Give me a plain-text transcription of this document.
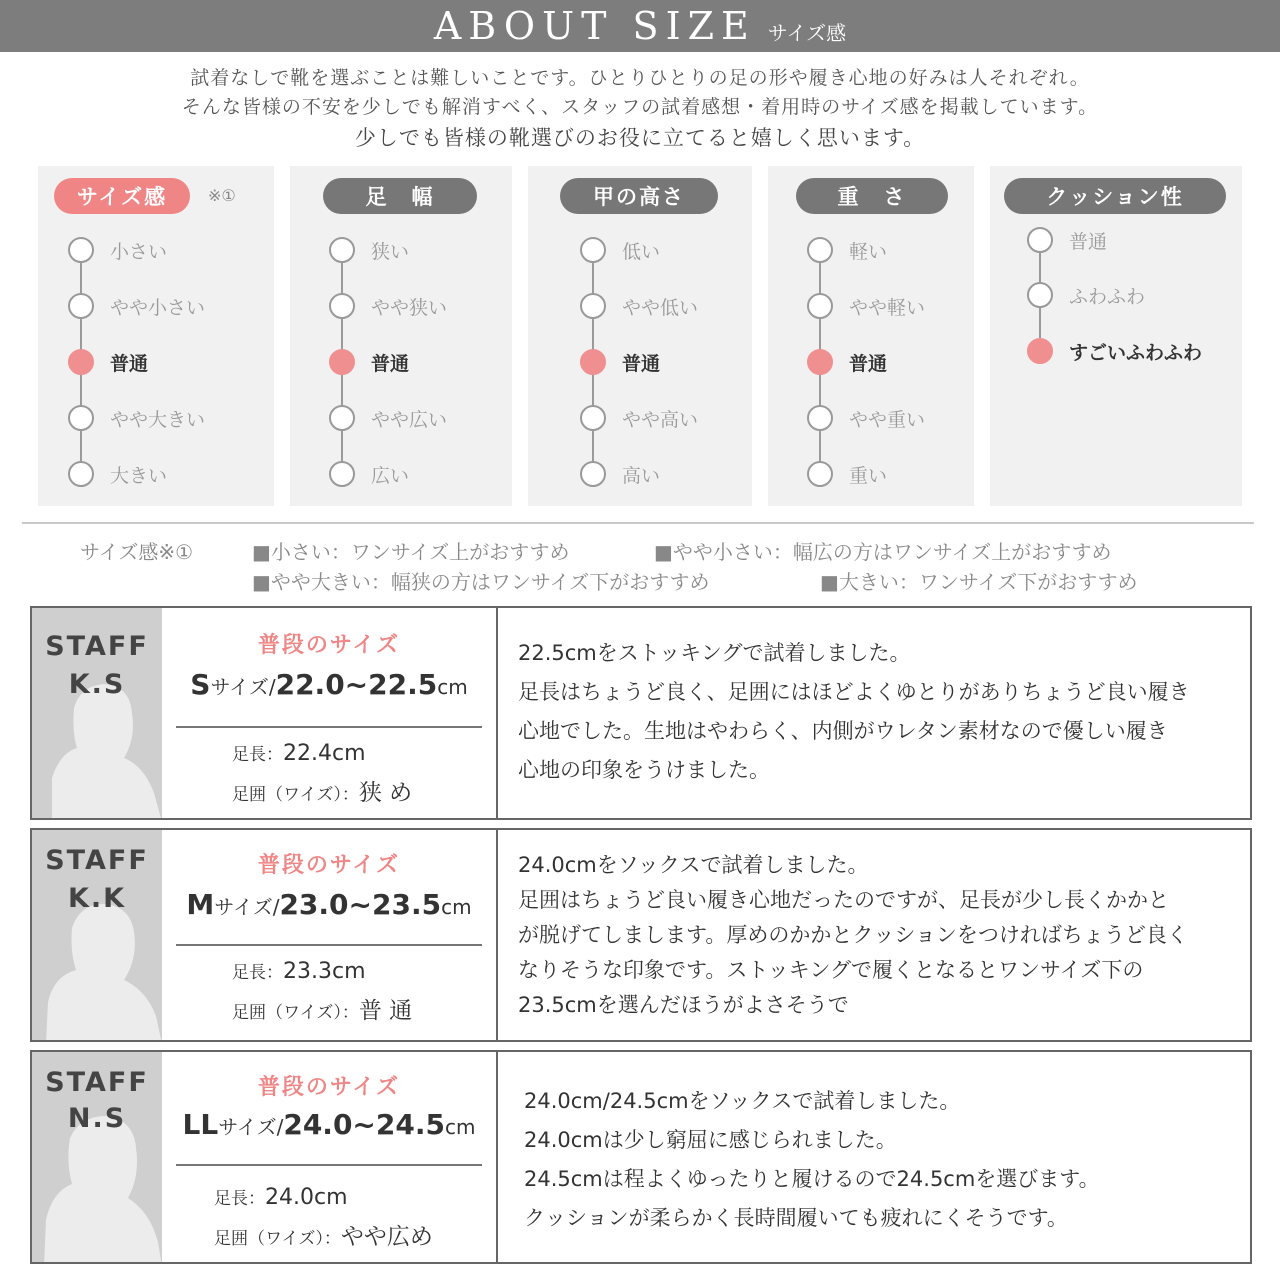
ABOUT SIZE サイズ感
試着なしで靴を選ぶことは難しいことです。ひとりひとりの足の形や履き心地の好みは人それぞれ。
そんな皆様の不安を少しでも解消すべく、スタッフの試着感想・着用時のサイズ感を掲載しています。
少しでも皆様の靴選びのお役に立てると嬉しく思います。
サイズ感	※①
小さい
やや小さい
普通
やや大きい
大きい
足　幅
狭い
やや狭い
普通
やや広い
広い
甲の高さ
低い
やや低い
普通
やや高い
高い
重　さ
軽い
やや軽い
普通
やや重い
重い
クッション性
普通
ふわふわ
すごいふわふわ
サイズ感※①	■小さい：ワンサイズ上がおすすめ	■やや小さい：幅広の方はワンサイズ上がおすすめ
■やや大きい：幅狭の方はワンサイズ下がおすすめ	■大きい：ワンサイズ下がおすすめ
STAFF
K.S
普段のサイズ
Sサイズ/22.0~22.5cm
足長：22.4cm
足囲（ワイズ）：狭 め
22.5cmをストッキングで試着しました。
足長はちょうど良く、足囲にはほどよくゆとりがありちょうど良い履き
心地でした。生地はやわらく、内側がウレタン素材なので優しい履き
心地の印象をうけました。
STAFF
K.K
普段のサイズ
Mサイズ/23.0~23.5cm
足長：23.3cm
足囲（ワイズ）：普 通
24.0cmをソックスで試着しました。
足囲はちょうど良い履き心地だったのですが、足長が少し長くかかと
が脱げてしまします。厚めのかかとクッションをつければちょうど良く
なりそうな印象です。ストッキングで履くとなるとワンサイズ下の
23.5cmを選んだほうがよさそうで
STAFF
N.S
普段のサイズ
LLサイズ/24.0~24.5cm
足長：24.0cm
足囲（ワイズ）：やや広め
24.0cm/24.5cmをソックスで試着しました。
24.0cmは少し窮屈に感じられました。
24.5cmは程よくゆったりと履けるので24.5cmを選びます。
クッションが柔らかく長時間履いても疲れにくそうです。
